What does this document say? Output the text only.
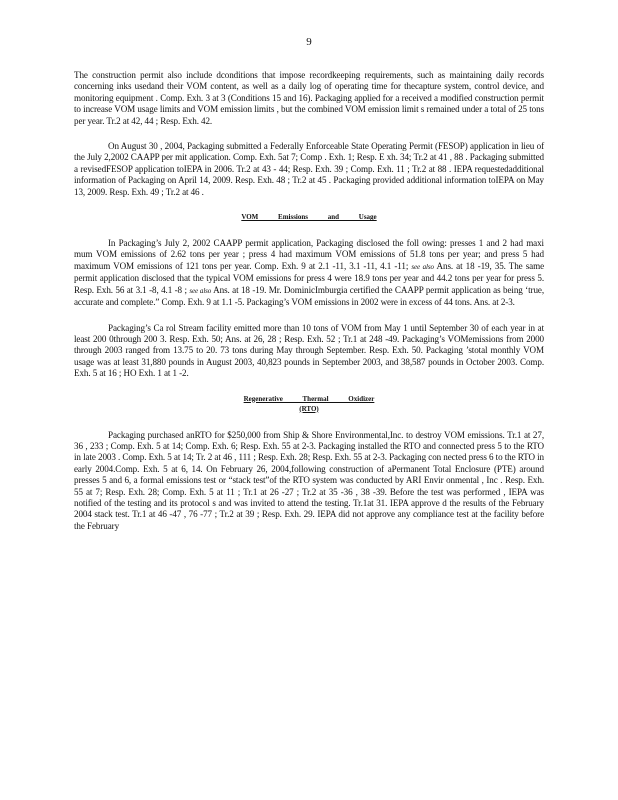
9

The construction permit also include dconditions that impose recordkeeping requirements, such as maintaining daily records concerning inks usedand their VOM content, as well as a daily log of operating time for thecapture system, control device, and monitoring equipment . Comp. Exh. 3 at 3 (Conditions 15 and 16). Packaging applied for a received a modified construction permit to increase VOM usage limits and VOM emission limits , but the combined VOM emission limit s remained under a total of 25 tons per year. Tr.2 at 42, 44 ; Resp. Exh. 42.

On August 30 , 2004, Packaging submitted a Federally Enforceable State Operating Permit (FESOP) application in lieu of the July 2,2002 CAAPP per mit application. Comp. Exh. 5at 7; Comp . Exh. 1; Resp. E xh. 34; Tr.2 at 41 , 88 . Packaging submitted a revisedFESOP application toIEPA in 2006. Tr.2 at 43 - 44; Resp. Exh. 39 ; Comp. Exh. 11 ; Tr.2 at 88 . IEPA requestedadditional information of Packaging on April 14, 2009. Resp. Exh. 48 ; Tr.2 at 45 . Packaging provided additional information toIEPA on May 13, 2009. Resp. Exh. 49 ; Tr.2 at 46 .

VOM Emissions and Usage

In Packaging’s July 2, 2002 CAAPP permit application, Packaging disclosed the foll owing: presses 1 and 2 had maxi mum VOM emissions of 2.62 tons per year ; press 4 had maximum VOM emissions of 51.8 tons per year; and press 5 had maximum VOM emissions of 121 tons per year. Comp. Exh. 9 at 2.1 -11, 3.1 -11, 4.1 -11; see also Ans. at 18 -19, 35. The same permit application disclosed that the typical VOM emissions for press 4 were 18.9 tons per year and 44.2 tons per year for press 5. Resp. Exh. 56 at 3.1 -8, 4.1 -8 ; see also Ans. at 18 -19. Mr. DominicImburgia certified the CAAPP permit application as being ‘true, accurate and complete.” Comp. Exh. 9 at 1.1 -5. Packaging’s VOM emissions in 2002 were in excess of 44 tons. Ans. at 2-3.

Packaging’s Ca rol Stream facility emitted more than 10 tons of VOM from May 1 until September 30 of each year in at least 200 0through 200 3. Resp. Exh. 50; Ans. at 26, 28 ; Resp. Exh. 52 ; Tr.1 at 248 -49. Packaging’s VOMemissions from 2000 through 2003 ranged from 13.75 to 20. 73 tons during May through September. Resp. Exh. 50. Packaging ’stotal monthly VOM usage was at least 31,880 pounds in August 2003, 40,823 pounds in September 2003, and 38,587 pounds in October 2003. Comp. Exh. 5 at 16 ; HO Exh. 1 at 1 -2.

Regenerative Thermal Oxidizer (RTO)

Packaging purchased anRTO for $250,000 from Ship & Shore Environmental,Inc. to destroy VOM emissions. Tr.1 at 27, 36 , 233 ; Comp. Exh. 5 at 14; Comp. Exh. 6; Resp. Exh. 55 at 2-3. Packaging installed the RTO and connected press 5 to the RTO in late 2003 . Comp. Exh. 5 at 14; Tr. 2 at 46 , 111 ; Resp. Exh. 28; Resp. Exh. 55 at 2-3. Packaging con nected press 6 to the RTO in early 2004.Comp. Exh. 5 at 6, 14. On February 26, 2004,following construction of aPermanent Total Enclosure (PTE) around presses 5 and 6, a formal emissions test or “stack test”of the RTO system was conducted by ARI Envir onmental , Inc . Resp. Exh. 55 at 7; Resp. Exh. 28; Comp. Exh. 5 at 11 ; Tr.1 at 26 -27 ; Tr.2 at 35 -36 , 38 -39. Before the test was performed , IEPA was notified of the testing and its protocol s and was invited to attend the testing. Tr.1at 31. IEPA approve d the results of the February 2004 stack test. Tr.1 at 46 -47 , 76 -77 ; Tr.2 at 39 ; Resp. Exh. 29. IEPA did not approve any compliance test at the facility before the February
